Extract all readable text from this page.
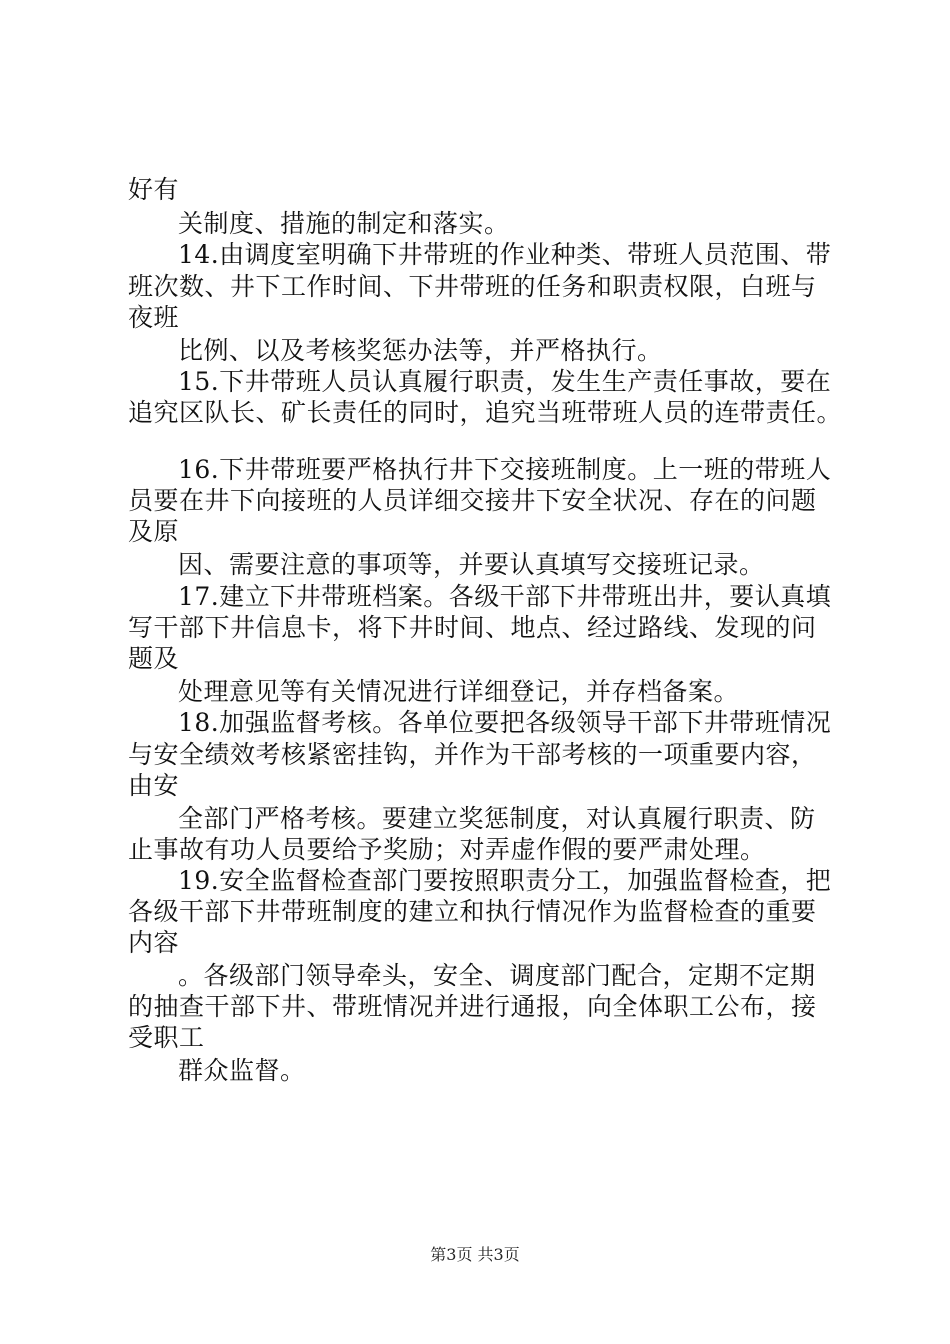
好有
关制度、措施的制定和落实。
14.由调度室明确下井带班的作业种类、带班人员范围、带
班次数、井下工作时间、下井带班的任务和职责权限，白班与
夜班
比例、以及考核奖惩办法等，并严格执行。
15.下井带班人员认真履行职责，发生生产责任事故，要在
追究区队长、矿长责任的同时，追究当班带班人员的连带责任。
16.下井带班要严格执行井下交接班制度。上一班的带班人
员要在井下向接班的人员详细交接井下安全状况、存在的问题
及原
因、需要注意的事项等，并要认真填写交接班记录。
17.建立下井带班档案。各级干部下井带班出井，要认真填
写干部下井信息卡，将下井时间、地点、经过路线、发现的问
题及
处理意见等有关情况进行详细登记，并存档备案。
18.加强监督考核。各单位要把各级领导干部下井带班情况
与安全绩效考核紧密挂钩，并作为干部考核的一项重要内容，
由安
全部门严格考核。要建立奖惩制度，对认真履行职责、防
止事故有功人员要给予奖励；对弄虚作假的要严肃处理。
19.安全监督检查部门要按照职责分工，加强监督检查，把
各级干部下井带班制度的建立和执行情况作为监督检查的重要
内容
。各级部门领导牵头，安全、调度部门配合，定期不定期
的抽查干部下井、带班情况并进行通报，向全体职工公布，接
受职工
群众监督。
第3页 共3页
